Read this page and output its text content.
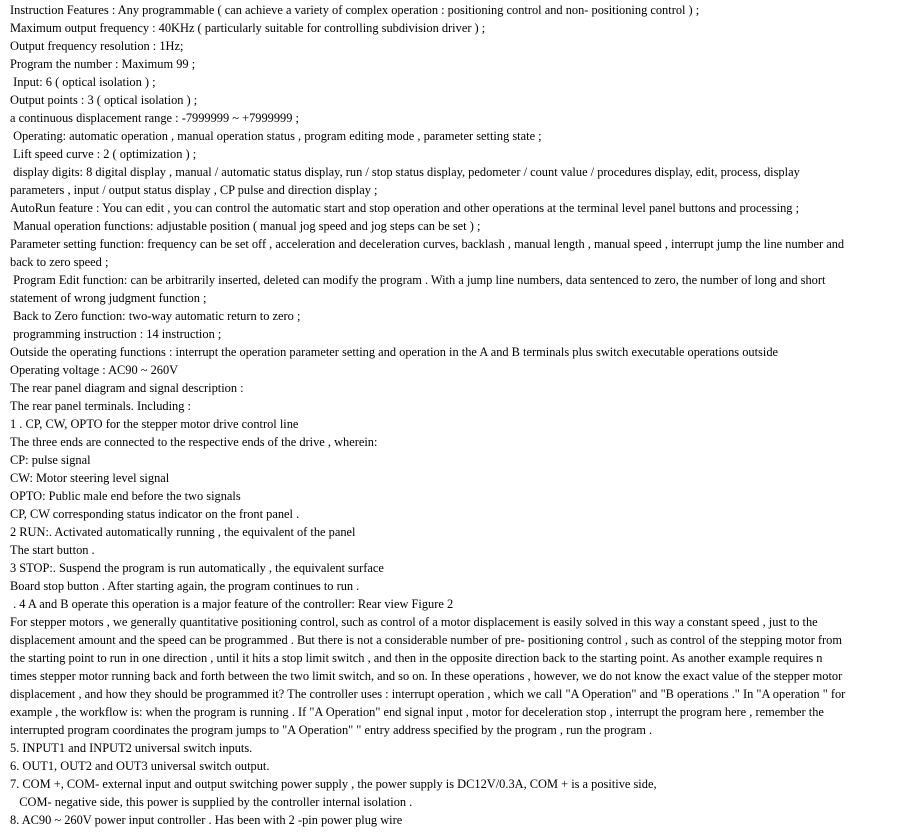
Instruction Features : Any programmable ( can achieve a variety of complex operation : positioning control and non- positioning control ) ;
Maximum output frequency : 40KHz ( particularly suitable for controlling subdivision driver ) ;
Output frequency resolution : 1Hz;
Program the number : Maximum 99 ;
Input: 6 ( optical isolation ) ;
Output points : 3 ( optical isolation ) ;
a continuous displacement range : -7999999 ~ +7999999 ;
Operating: automatic operation , manual operation status , program editing mode , parameter setting state ;
Lift speed curve : 2 ( optimization ) ;
display digits: 8 digital display , manual / automatic status display, run / stop status display, pedometer / count value / procedures display, edit, process, display
parameters , input / output status display , CP pulse and direction display ;
AutoRun feature : You can edit , you can control the automatic start and stop operation and other operations at the terminal level panel buttons and processing ;
Manual operation functions: adjustable position ( manual jog speed and jog steps can be set ) ;
Parameter setting function: frequency can be set off , acceleration and deceleration curves, backlash , manual length , manual speed , interrupt jump the line number and
back to zero speed ;
Program Edit function: can be arbitrarily inserted, deleted can modify the program . With a jump line numbers, data sentenced to zero, the number of long and short
statement of wrong judgment function ;
Back to Zero function: two-way automatic return to zero ;
programming instruction : 14 instruction ;
Outside the operating functions : interrupt the operation parameter setting and operation in the A and B terminals plus switch executable operations outside
Operating voltage : AC90 ~ 260V
The rear panel diagram and signal description :
The rear panel terminals. Including :
1 . CP, CW, OPTO for the stepper motor drive control line
The three ends are connected to the respective ends of the drive , wherein:
CP: pulse signal
CW: Motor steering level signal
OPTO: Public male end before the two signals
CP, CW corresponding status indicator on the front panel .
2 RUN:. Activated automatically running , the equivalent of the panel
The start button .
3 STOP:. Suspend the program is run automatically , the equivalent surface
Board stop button . After starting again, the program continues to run .
. 4 A and B operate this operation is a major feature of the controller: Rear view Figure 2
For stepper motors , we generally quantitative positioning control, such as control of a motor displacement is easily solved in this way a constant speed , just to the
displacement amount and the speed can be programmed . But there is not a considerable number of pre- positioning control , such as control of the stepping motor from
the starting point to run in one direction , until it hits a stop limit switch , and then in the opposite direction back to the starting point. As another example requires n
times stepper motor running back and forth between the two limit switch, and so on. In these operations , however, we do not know the exact value of the stepper motor
displacement , and how they should be programmed it? The controller uses : interrupt operation , which we call "A Operation" and "B operations ." In "A operation " for
example , the workflow is: when the program is running . If "A Operation" end signal input , motor for deceleration stop , interrupt the program here , remember the
interrupted program coordinates the program jumps to "A Operation" " entry address specified by the program , run the program .
5. INPUT1 and INPUT2 universal switch inputs.
6. OUT1, OUT2 and OUT3 universal switch output.
7. COM +, COM- external input and output switching power supply , the power supply is DC12V/0.3A, COM + is a positive side,
COM- negative side, this power is supplied by the controller internal isolation .
8. AC90 ~ 260V power input controller . Has been with 2 -pin power plug wire
